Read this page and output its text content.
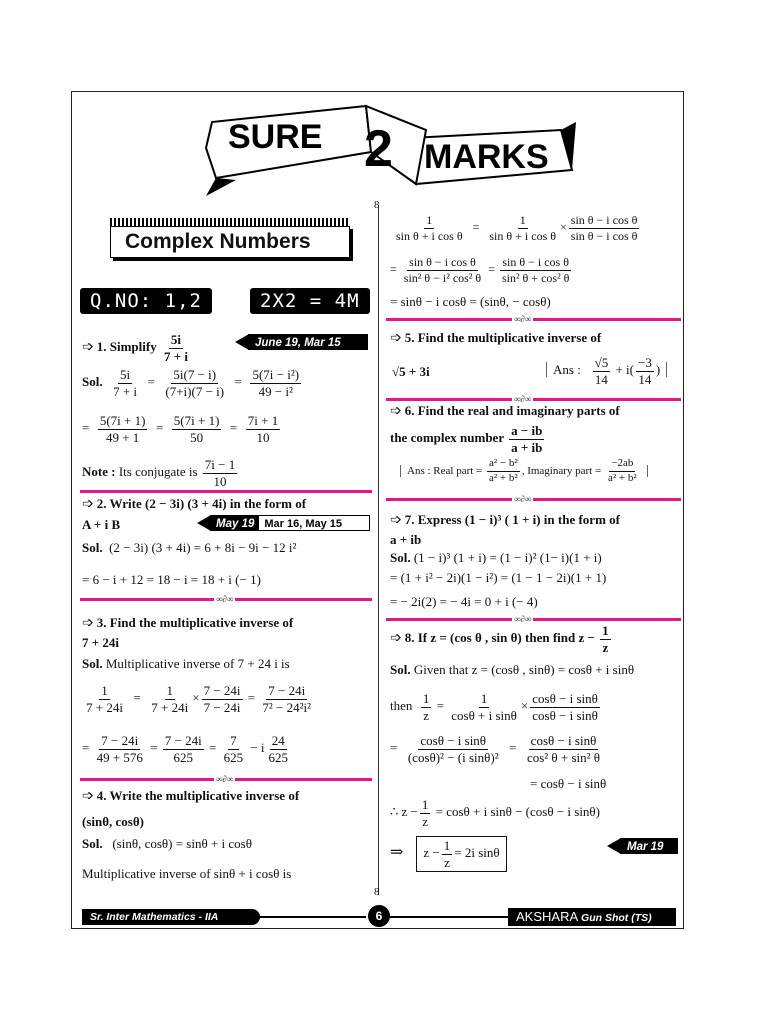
SURE 2 MARKS
Complex Numbers
Q.NO: 1,2	2X2 = 4M
8
8
➩ 1. Simplify $\frac{5i}{7 + i}$	June 19, Mar 15
Sol. $\frac{5i}{7 + i} = \frac{5i(7 - i)}{(7+i)(7 - i)} = \frac{\text{5(7i − i²)}}{\text{49 − i²}}$
= $\frac{5(7i + 1)}{49 + 1} = \frac{5(7i + 1)}{50} = \frac{7i + 1}{10}$
Note : Its conjugate is $\frac{7i - 1}{10}$
➩ 2. Write (2 − 3i) (3 + 4i) in the form of
A + i B	May 19 Mar 16, May 15
Sol. (2 − 3i) (3 + 4i) = 6 + 8i − 9i − 12 i²
= 6 − i + 12 = 18 − i = 18 + i (− 1)
∞∂∞
➩ 3. Find the multiplicative inverse of
7 + 24i
Sol. Multiplicative inverse of 7 + 24 i is
$\frac{1}{7 + 24i} = \frac{1}{7 + 24i} \times \frac{7 - 24i}{7 - 24i} = \frac{7 - 24i}{\text{7² − 24²i²}}$
= $\frac{7 - 24i}{49 + 576} = \frac{7 - 24i}{625} = \frac{7}{625} - i \frac{24}{625}$
∞∂∞
➩ 4. Write the multiplicative inverse of
(sinθ, cosθ)
Sol. (sinθ, cosθ) = sinθ + i cosθ
Multiplicative inverse of sinθ + i cosθ is
$\frac{1}{\text{sin θ + i cos θ}} = \frac{1}{\text{sin θ + i cos θ}} \times \frac{\text{sin θ − i cos θ}}{\text{sin θ − i cos θ}}$
= $\frac{\text{sin θ − i cos θ}}{\text{sin² θ − i² cos² θ}} = \frac{\text{sin θ − i cos θ}}{\text{sin² θ + cos² θ}}$
= sinθ − i cosθ = (sinθ, − cosθ)
∞∂∞
➩ 5. Find the multiplicative inverse of
√5 + 3i	Ans : $\frac{√5}{14} + i( \frac{-3}{14}$ )
∞∂∞
➩ 6. Find the real and imaginary parts of
the complex number $\frac{a - ib}{a + ib}$
Ans : Real part = $\frac{\text{a² − b²}}{\text{a² + b²}}$ , Imaginary part = $\frac{-2ab}{\text{a² + b²}}$
∞∂∞
➩ 7. Express (1 − i)³ ( 1 + i) in the form of
a + ib
Sol. (1 − i)³ (1 + i) = (1 − i)² (1− i)(1 + i)
= (1 + i² − 2i)(1 − i²) = (1 − 1 − 2i)(1 + 1)
= − 2i(2) = − 4i = 0 + i (− 4)
∞∂∞
➩ 8. If z = (cos θ , sin θ) then find $z - \frac{1}{z}$
Sol. Given that z = (cosθ , sinθ) = cosθ + i sinθ
then $\frac{1}{z} = \frac{1}{\text{cosθ + i sinθ}} \times \frac{\text{cosθ − i sinθ}}{\text{cosθ − i sinθ}}$
= $\frac{\text{cosθ − i sinθ}}{\text{(cosθ)² − (i sinθ)²}} = \frac{\text{cosθ − i sinθ}}{\text{cos² θ + sin² θ}}$
= cosθ − i sinθ
∴ $z - \frac{1}{z} = \cos\theta + i$ sinθ − (cosθ − i sinθ)
⇒ $z - \frac{1}{z} = 2i$ sinθ	Mar 19
Sr. Inter Mathematics - IIA	6	AKSHARA Gun Shot (TS)
